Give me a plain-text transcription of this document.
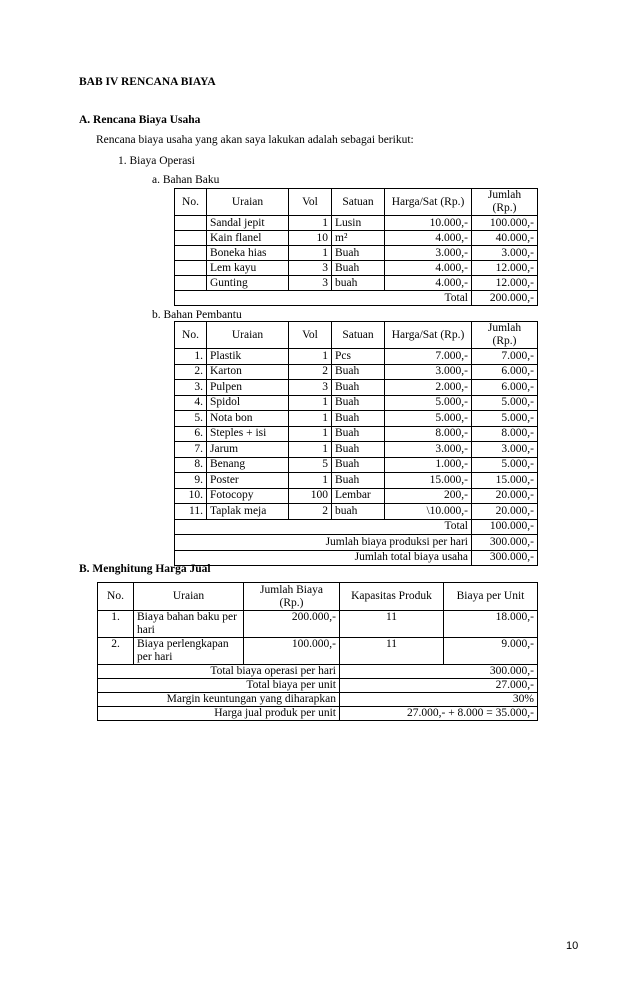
BAB IV RENCANA BIAYA
A. Rencana Biaya Usaha
Rencana biaya usaha yang akan saya lakukan adalah sebagai berikut:
1. Biaya Operasi
a. Bahan Baku
No.	Uraian	Vol	Satuan	Harga/Sat (Rp.)	Jumlah (Rp.)
	Sandal jepit	1	Lusin	10.000,-	100.000,-
	Kain flanel	10	m²	4.000,-	40.000,-
	Boneka hias	1	Buah	3.000,-	3.000,-
	Lem kayu	3	Buah	4.000,-	12.000,-
	Gunting	3	buah	4.000,-	12.000,-
Total					200.000,-
b. Bahan Pembantu
No.	Uraian	Vol	Satuan	Harga/Sat (Rp.)	Jumlah (Rp.)
1.	Plastik	1	Pcs	7.000,-	7.000,-
2.	Karton	2	Buah	3.000,-	6.000,-
3.	Pulpen	3	Buah	2.000,-	6.000,-
4.	Spidol	1	Buah	5.000,-	5.000,-
5.	Nota bon	1	Buah	5.000,-	5.000,-
6.	Steples + isi	1	Buah	8.000,-	8.000,-
7.	Jarum	1	Buah	3.000,-	3.000,-
8.	Benang	5	Buah	1.000,-	5.000,-
9.	Poster	1	Buah	15.000,-	15.000,-
10.	Fotocopy	100	Lembar	200,-	20.000,-
11.	Taplak meja	2	buah	\10.000,-	20.000,-
Total					100.000,-
Jumlah biaya produksi per hari					300.000,-
Jumlah total biaya usaha					300.000,-
B. Menghitung Harga Jual
No.	Uraian	Jumlah Biaya (Rp.)	Kapasitas Produk	Biaya per Unit
1.	Biaya bahan baku per hari	200.000,-	11	18.000,-
2.	Biaya perlengkapan per hari	100.000,-	11	9.000,-
Total biaya operasi per hari			300.000,-	
Total biaya per unit			27.000,-	
Margin keuntungan yang diharapkan			30%	
Harga jual produk per unit			27.000,- + 8.000 = 35.000,-	
10
